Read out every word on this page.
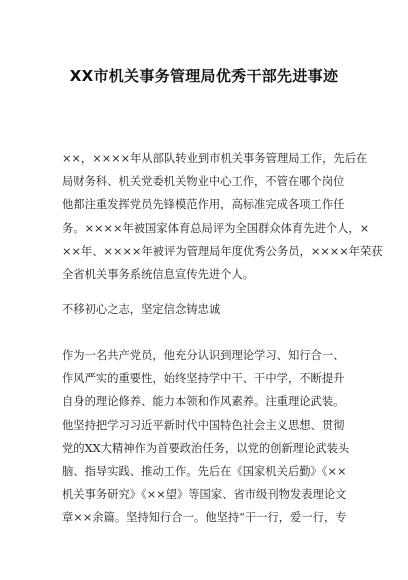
XX市机关事务管理局优秀干部先进事迹
××，××××年从部队转业到市机关事务管理局工作，先后在
局财务科、机关党委机关物业中心工作，不管在哪个岗位
他都注重发挥党员先锋模范作用，高标准完成各项工作任
务。××××年被国家体育总局评为全国群众体育先进个人，×
××年、××××年被评为管理局年度优秀公务员，××××年荣获
全省机关事务系统信息宣传先进个人。
不移初心之志，坚定信念铸忠诚
作为一名共产党员，他充分认识到理论学习、知行合一、
作风严实的重要性，始终坚持学中干、干中学，不断提升
自身的理论修养、能力本领和作风素养。注重理论武装。
他坚持把学习习近平新时代中国特色社会主义思想、贯彻
党的XX大精神作为首要政治任务，以党的创新理论武装头
脑、指导实践、推动工作。先后在《国家机关后勤》《××
机关事务研究》《××望》等国家、省市级刊物发表理论文
章××余篇。坚持知行合一。他坚持“干一行，爱一行，专
